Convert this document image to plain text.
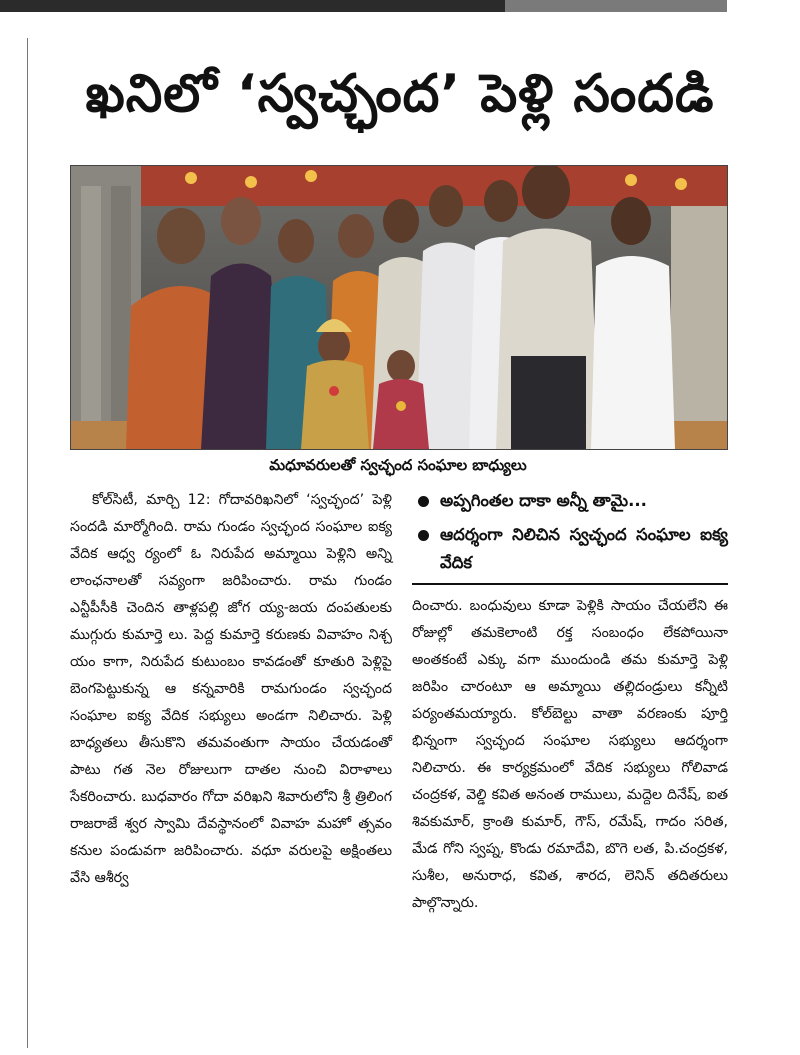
ఖనిలో ‘స్వచ్ఛంద’ పెళ్లి సందడి
మధూవరులతో స్వచ్ఛంద సంఘాల బాధ్యులు

కోల్‌సిటీ, మార్చి 12: గోదావరిఖనిలో ‘స్వచ్ఛంద’ పెళ్లి సందడి మార్మోగింది. రామ గుండం స్వచ్ఛంద సంఘాల ఐక్య వేదిక ఆధ్వ ర్యంలో ఓ నిరుపేద అమ్మాయి పెళ్లిని అన్ని లాంఛనాలతో సవ్యంగా జరిపించారు. రామ గుండం ఎన్టీపీసీకి చెందిన తాళ్లపల్లి జోగ య్య-జయ దంపతులకు ముగ్గురు కుమార్తె లు. పెద్ద కుమార్తె కరుణకు వివాహం నిశ్చ యం కాగా, నిరుపేద కుటుంబం కావడంతో కూతురి పెళ్లిపై బెంగపెట్టుకున్న ఆ కన్నవారికి రామగుండం స్వచ్ఛంద సంఘాల ఐక్య వేదిక సభ్యులు అండగా నిలిచారు. పెళ్లి బాధ్యతలు తీసుకొని తమవంతుగా సాయం చేయడంతో పాటు గత నెల రోజులుగా దాతల నుంచి విరాళాలు సేకరించారు. బుధవారం గోదా వరిఖని శివారులోని శ్రీ త్రిలింగ రాజరాజే శ్వర స్వామి దేవస్థానంలో వివాహ మహో త్సవం కనుల పండువగా జరిపించారు. వధూ వరులపై అక్షింతలు వేసి ఆశీర్వ

అప్పగింతల దాకా అన్నీ తామై...
ఆదర్శంగా నిలిచిన స్వచ్ఛంద సంఘాల ఐక్య వేదిక

దించారు. బంధువులు కూడా పెళ్లికి సాయం చేయలేని ఈ రోజుల్లో తమకెలాంటి రక్త సంబంధం లేకపోయినా అంతకంటే ఎక్కు వగా ముందుండి తమ కుమార్తె పెళ్లి జరిపిం చారంటూ ఆ అమ్మాయి తల్లిదండ్రులు కన్నీటి పర్యంతమయ్యారు. కోల్‌బెల్టు వాతా వరణంకు పూర్తి భిన్నంగా స్వచ్ఛంద సంఘాల సభ్యులు ఆదర్శంగా నిలిచారు. ఈ కార్యక్రమంలో వేదిక సభ్యులు గోలివాడ చంద్రకళ, వెల్డి కవిత అనంత రాములు, మద్దెల దినేష్, ఐత శివకుమార్, క్రాంతి కుమార్, గౌస్, రమేష్, గాదం సరిత, మేడ గోని స్వప్న, కొండు రమాదేవి, బొగె లత, పి.చంద్రకళ, సుశీల, అనురాధ, కవిత, శారద, లెనిన్ తదితరులు పాల్గొన్నారు.
